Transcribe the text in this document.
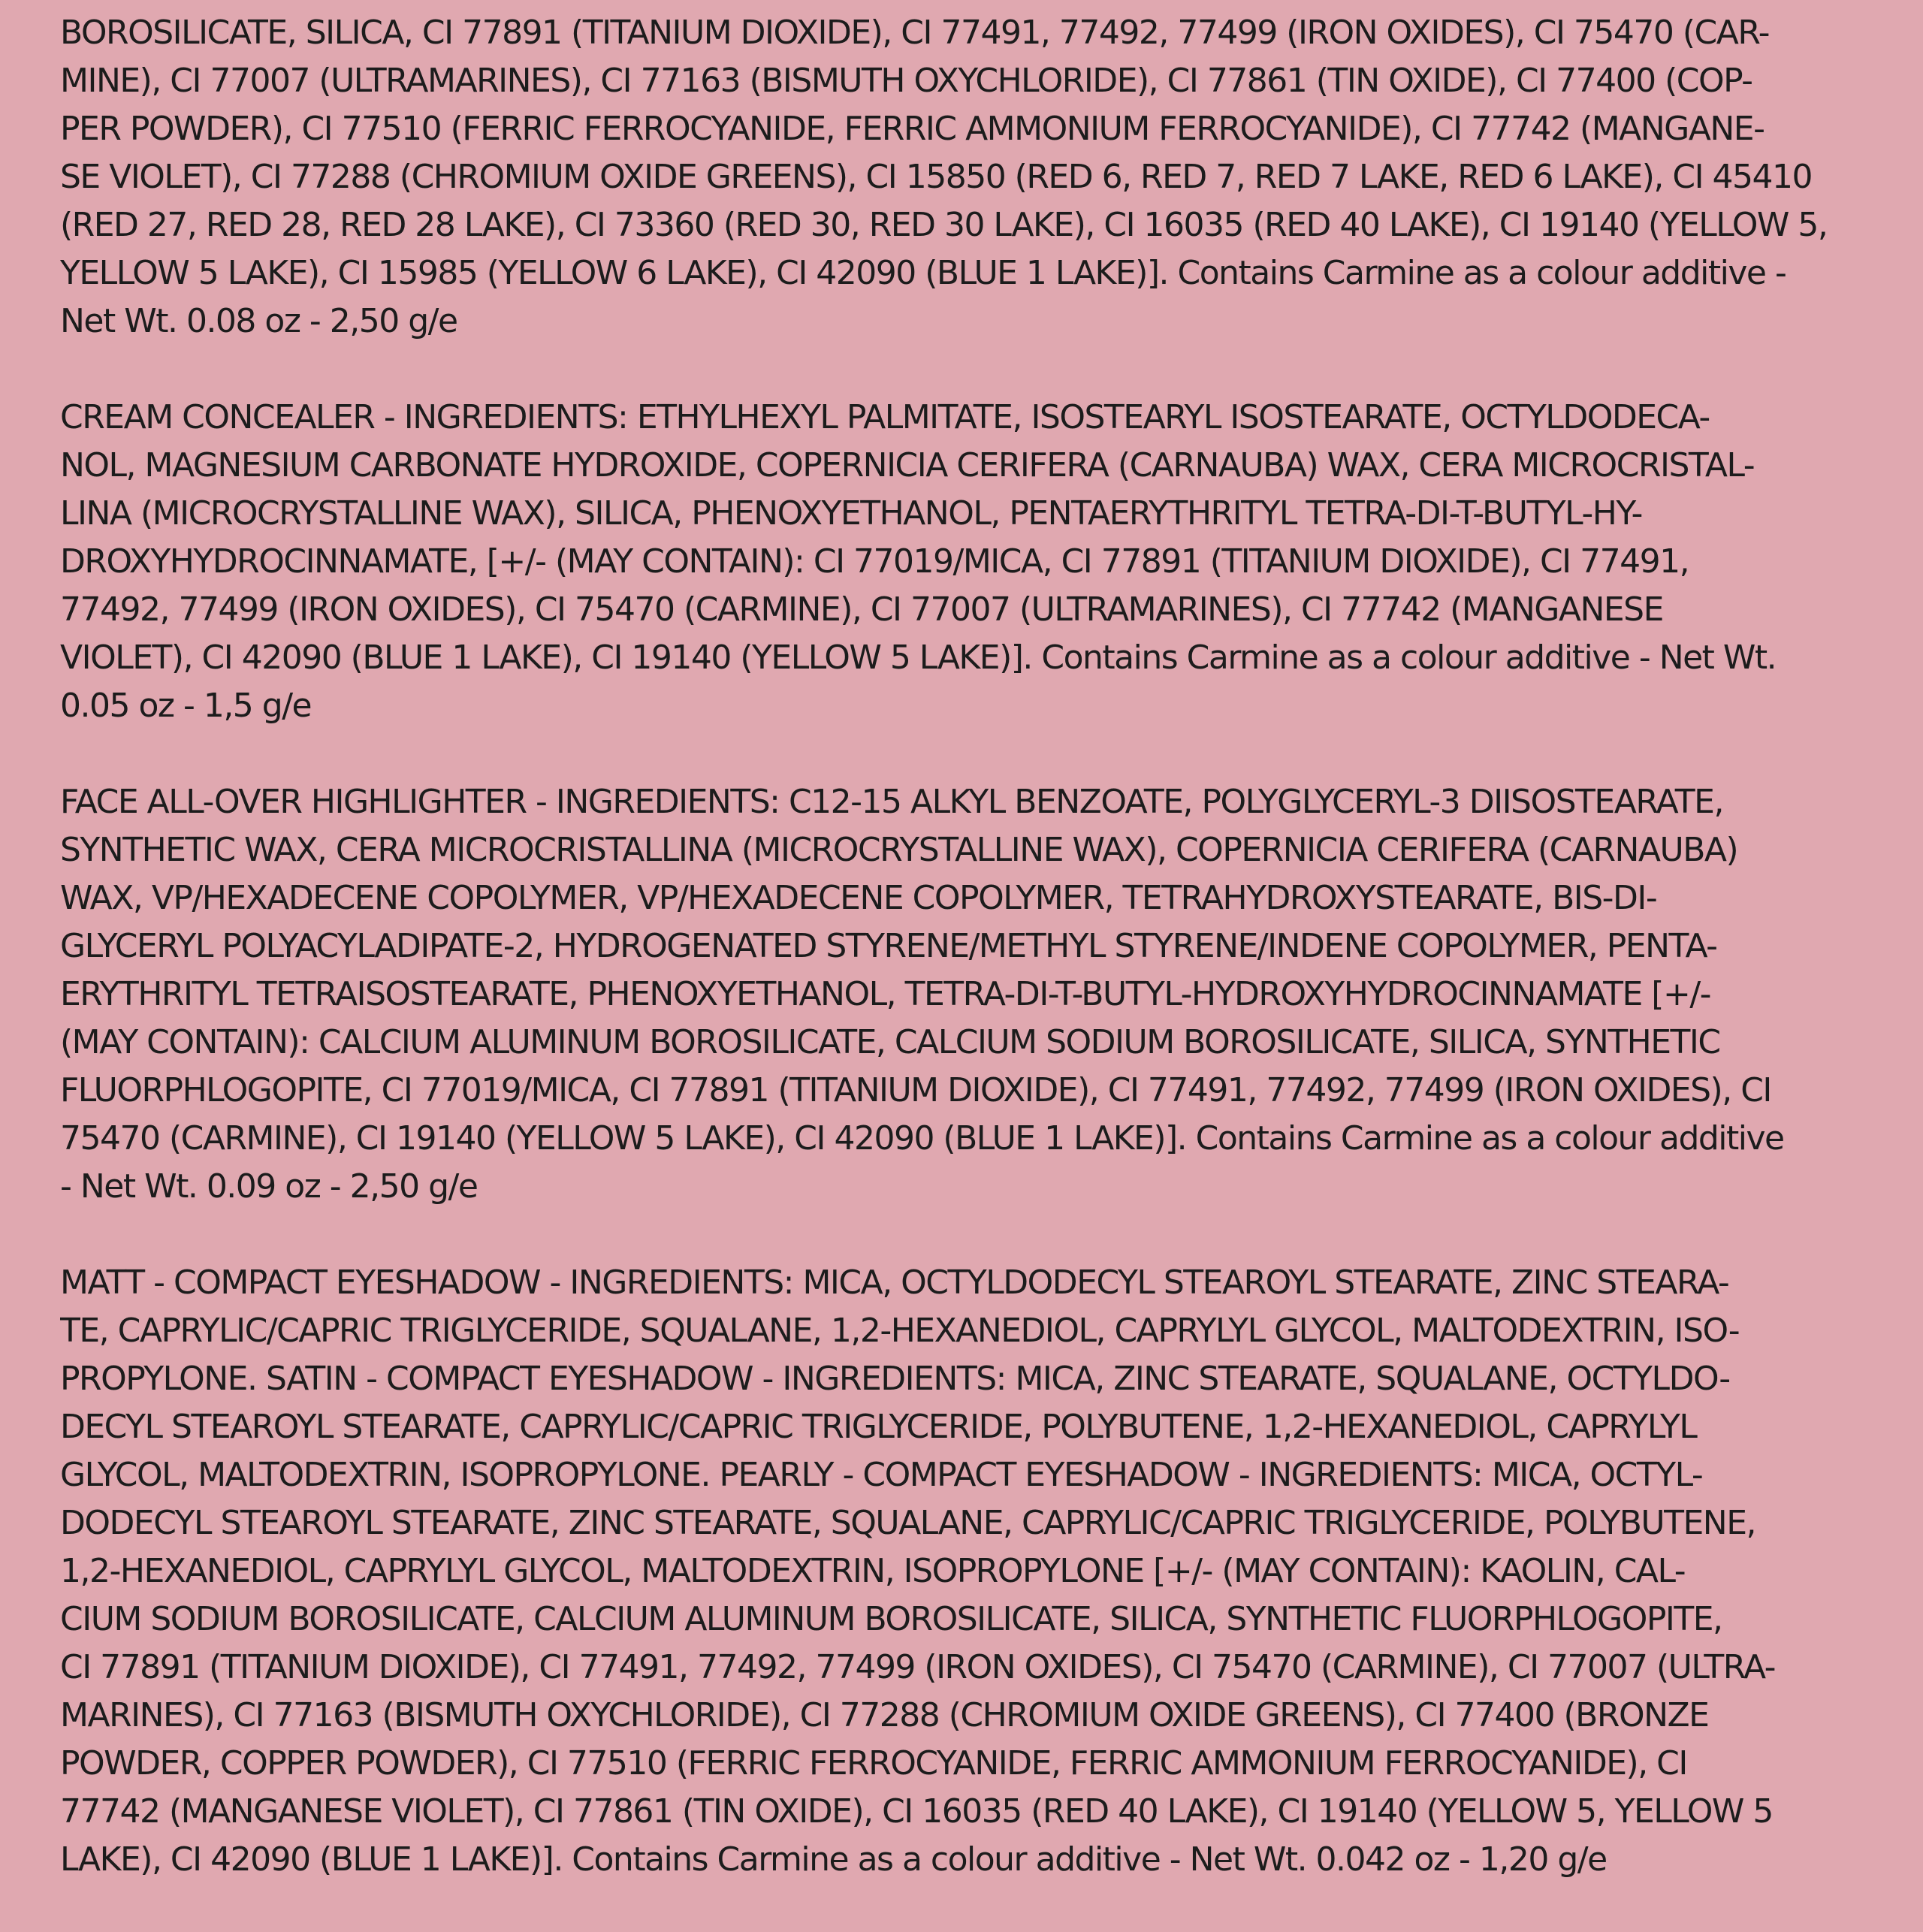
BOROSILICATE, SILICA, CI 77891 (TITANIUM DIOXIDE), CI 77491, 77492, 77499 (IRON OXIDES), CI 75470 (CAR-
MINE), CI 77007 (ULTRAMARINES), CI 77163 (BISMUTH OXYCHLORIDE), CI 77861 (TIN OXIDE), CI 77400 (COP-
PER POWDER), CI 77510 (FERRIC FERROCYANIDE, FERRIC AMMONIUM FERROCYANIDE), CI 77742 (MANGANE-
SE VIOLET), CI 77288 (CHROMIUM OXIDE GREENS), CI 15850 (RED 6, RED 7, RED 7 LAKE, RED 6 LAKE), CI 45410
(RED 27, RED 28, RED 28 LAKE), CI 73360 (RED 30, RED 30 LAKE), CI 16035 (RED 40 LAKE), CI 19140 (YELLOW 5,
YELLOW 5 LAKE), CI 15985 (YELLOW 6 LAKE), CI 42090 (BLUE 1 LAKE)]. Contains Carmine as a colour additive -
Net Wt. 0.08 oz - 2,50 g/e
CREAM CONCEALER - INGREDIENTS: ETHYLHEXYL PALMITATE, ISOSTEARYL ISOSTEARATE, OCTYLDODECA-
NOL, MAGNESIUM CARBONATE HYDROXIDE, COPERNICIA CERIFERA (CARNAUBA) WAX, CERA MICROCRISTAL-
LINA (MICROCRYSTALLINE WAX), SILICA, PHENOXYETHANOL, PENTAERYTHRITYL TETRA-DI-T-BUTYL-HY-
DROXYHYDROCINNAMATE, [+/- (MAY CONTAIN): CI 77019/MICA, CI 77891 (TITANIUM DIOXIDE), CI 77491,
77492, 77499 (IRON OXIDES), CI 75470 (CARMINE), CI 77007 (ULTRAMARINES), CI 77742 (MANGANESE
VIOLET), CI 42090 (BLUE 1 LAKE), CI 19140 (YELLOW 5 LAKE)]. Contains Carmine as a colour additive - Net Wt.
0.05 oz - 1,5 g/e
FACE ALL-OVER HIGHLIGHTER - INGREDIENTS: C12-15 ALKYL BENZOATE, POLYGLYCERYL-3 DIISOSTEARATE,
SYNTHETIC WAX, CERA MICROCRISTALLINA (MICROCRYSTALLINE WAX), COPERNICIA CERIFERA (CARNAUBA)
WAX, VP/HEXADECENE COPOLYMER, VP/HEXADECENE COPOLYMER, TETRAHYDROXYSTEARATE, BIS-DI-
GLYCERYL POLYACYLADIPATE-2, HYDROGENATED STYRENE/METHYL STYRENE/INDENE COPOLYMER, PENTA-
ERYTHRITYL TETRAISOSTEARATE, PHENOXYETHANOL, TETRA-DI-T-BUTYL-HYDROXYHYDROCINNAMATE [+/-
(MAY CONTAIN): CALCIUM ALUMINUM BOROSILICATE, CALCIUM SODIUM BOROSILICATE, SILICA, SYNTHETIC
FLUORPHLOGOPITE, CI 77019/MICA, CI 77891 (TITANIUM DIOXIDE), CI 77491, 77492, 77499 (IRON OXIDES), CI
75470 (CARMINE), CI 19140 (YELLOW 5 LAKE), CI 42090 (BLUE 1 LAKE)]. Contains Carmine as a colour additive
- Net Wt. 0.09 oz - 2,50 g/e
MATT - COMPACT EYESHADOW - INGREDIENTS: MICA, OCTYLDODECYL STEAROYL STEARATE, ZINC STEARA-
TE, CAPRYLIC/CAPRIC TRIGLYCERIDE, SQUALANE, 1,2-HEXANEDIOL, CAPRYLYL GLYCOL, MALTODEXTRIN, ISO-
PROPYLONE. SATIN - COMPACT EYESHADOW - INGREDIENTS: MICA, ZINC STEARATE, SQUALANE, OCTYLDO-
DECYL STEAROYL STEARATE, CAPRYLIC/CAPRIC TRIGLYCERIDE, POLYBUTENE, 1,2-HEXANEDIOL, CAPRYLYL
GLYCOL, MALTODEXTRIN, ISOPROPYLONE. PEARLY - COMPACT EYESHADOW - INGREDIENTS: MICA, OCTYL-
DODECYL STEAROYL STEARATE, ZINC STEARATE, SQUALANE, CAPRYLIC/CAPRIC TRIGLYCERIDE, POLYBUTENE,
1,2-HEXANEDIOL, CAPRYLYL GLYCOL, MALTODEXTRIN, ISOPROPYLONE [+/- (MAY CONTAIN): KAOLIN, CAL-
CIUM SODIUM BOROSILICATE, CALCIUM ALUMINUM BOROSILICATE, SILICA, SYNTHETIC FLUORPHLOGOPITE,
CI 77891 (TITANIUM DIOXIDE), CI 77491, 77492, 77499 (IRON OXIDES), CI 75470 (CARMINE), CI 77007 (ULTRA-
MARINES), CI 77163 (BISMUTH OXYCHLORIDE), CI 77288 (CHROMIUM OXIDE GREENS), CI 77400 (BRONZE
POWDER, COPPER POWDER), CI 77510 (FERRIC FERROCYANIDE, FERRIC AMMONIUM FERROCYANIDE), CI
77742 (MANGANESE VIOLET), CI 77861 (TIN OXIDE), CI 16035 (RED 40 LAKE), CI 19140 (YELLOW 5, YELLOW 5
LAKE), CI 42090 (BLUE 1 LAKE)]. Contains Carmine as a colour additive - Net Wt. 0.042 oz - 1,20 g/e
